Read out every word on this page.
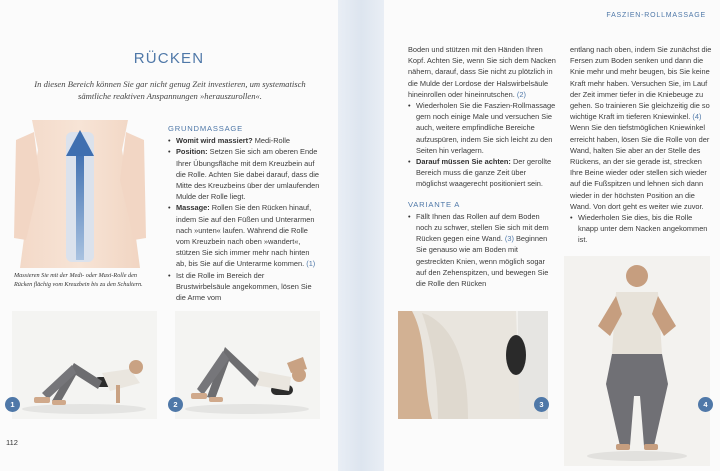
RÜCKEN

In diesen Bereich können Sie gar nicht genug Zeit investieren, um systematisch sämtliche reaktiven Anspannungen »herauszurollen«.

Massieren Sie mit der Medi- oder Maxi-Rolle den Rücken flächig vom Kreuzbein bis zu den Schultern.

GRUNDMASSAGE
• Womit wird massiert? Medi-Rolle
• Position: Setzen Sie sich am oberen Ende Ihrer Übungsfläche mit dem Kreuzbein auf die Rolle. Achten Sie dabei darauf, dass die Mitte des Kreuzbeins über der umlaufenden Mulde der Rolle liegt.
• Massage: Rollen Sie den Rücken hinauf, indem Sie auf den Füßen und Unterarmen nach »unten« laufen. Während die Rolle vom Kreuzbein nach oben »wandert«, stützen Sie sich immer mehr nach hinten ab, bis Sie auf die Unterarme kommen. (1)
• Ist die Rolle im Bereich der Brustwirbelsäule angekommen, lösen Sie die Arme vom
Boden und stützen mit den Händen Ihren Kopf. Achten Sie, wenn Sie sich dem Nacken nähern, darauf, dass Sie nicht zu plötzlich in die Mulde der Lordose der Halswirbelsäule hineinrollen oder hineinrutschen. (2)
• Wiederholen Sie die Faszien-Rollmassage gern noch einige Male und versuchen Sie auch, weitere empfindliche Bereiche aufzuspüren, indem Sie sich leicht zu den Seiten hin verlagern.
• Darauf müssen Sie achten: Der gerollte Bereich muss die ganze Zeit über möglichst waagerecht positioniert sein.
VARIANTE A
• Fällt Ihnen das Rollen auf dem Boden noch zu schwer, stellen Sie sich mit dem Rücken gegen eine Wand. (3) Beginnen Sie genauso wie am Boden mit gestreckten Knien, wenn möglich sogar auf den Zehenspitzen, und bewegen Sie die Rolle den Rücken
entlang nach oben, indem Sie zunächst die Fersen zum Boden senken und dann die Knie mehr und mehr beugen, bis Sie keine Kraft mehr haben. Versuchen Sie, im Lauf der Zeit immer tiefer in die Kniebeuge zu gehen. So trainieren Sie gleichzeitig die so wichtige Kraft im tieferen Kniewinkel. (4) Wenn Sie den tiefstmöglichen Kniewinkel erreicht haben, lösen Sie die Rolle von der Wand, halten Sie aber an der Stelle des Rückens, an der sie gerade ist, strecken Ihre Beine wieder oder stellen sich wieder auf die Fußspitzen und lehnen sich dann wieder in der höchsten Position an die Wand. Von dort geht es weiter wie zuvor.
• Wiederholen Sie dies, bis die Rolle knapp unter dem Nacken angekommen ist.
1	2	3	4
FASZIEN-ROLLMASSAGE
112
